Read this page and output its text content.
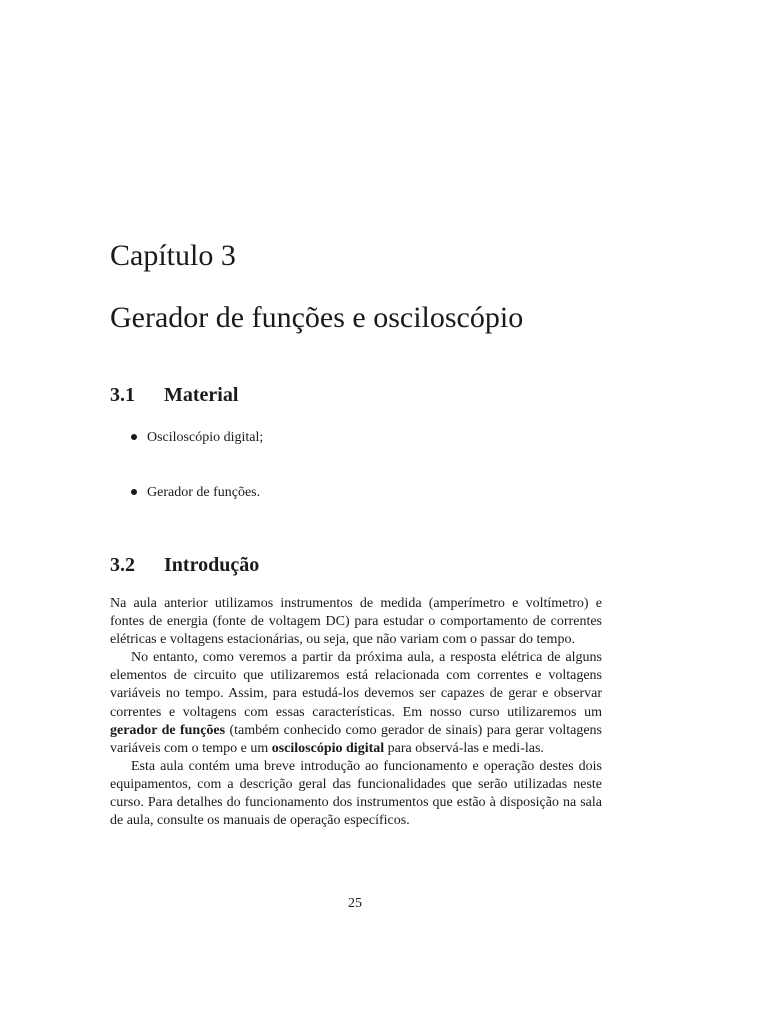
Capítulo 3
Gerador de funções e osciloscópio
3.1 Material
Osciloscópio digital;
Gerador de funções.
3.2 Introdução

Na aula anterior utilizamos instrumentos de medida (amperímetro e voltímetro) e fontes de energia (fonte de voltagem DC) para estudar o comportamento de correntes elétricas e voltagens estacionárias, ou seja, que não variam com o passar do tempo.

No entanto, como veremos a partir da próxima aula, a resposta elétrica de alguns elementos de circuito que utilizaremos está relacionada com correntes e voltagens variáveis no tempo. Assim, para estudá-los devemos ser capazes de gerar e observar correntes e voltagens com essas características. Em nosso curso utilizaremos um gerador de funções (também conhecido como gerador de sinais) para gerar voltagens variáveis com o tempo e um osciloscópio digital para observá-las e medi-las.

Esta aula contém uma breve introdução ao funcionamento e operação destes dois equipamentos, com a descrição geral das funcionalidades que serão utilizadas neste curso. Para detalhes do funcionamento dos instrumentos que estão à disposição na sala de aula, consulte os manuais de operação específicos.

25
